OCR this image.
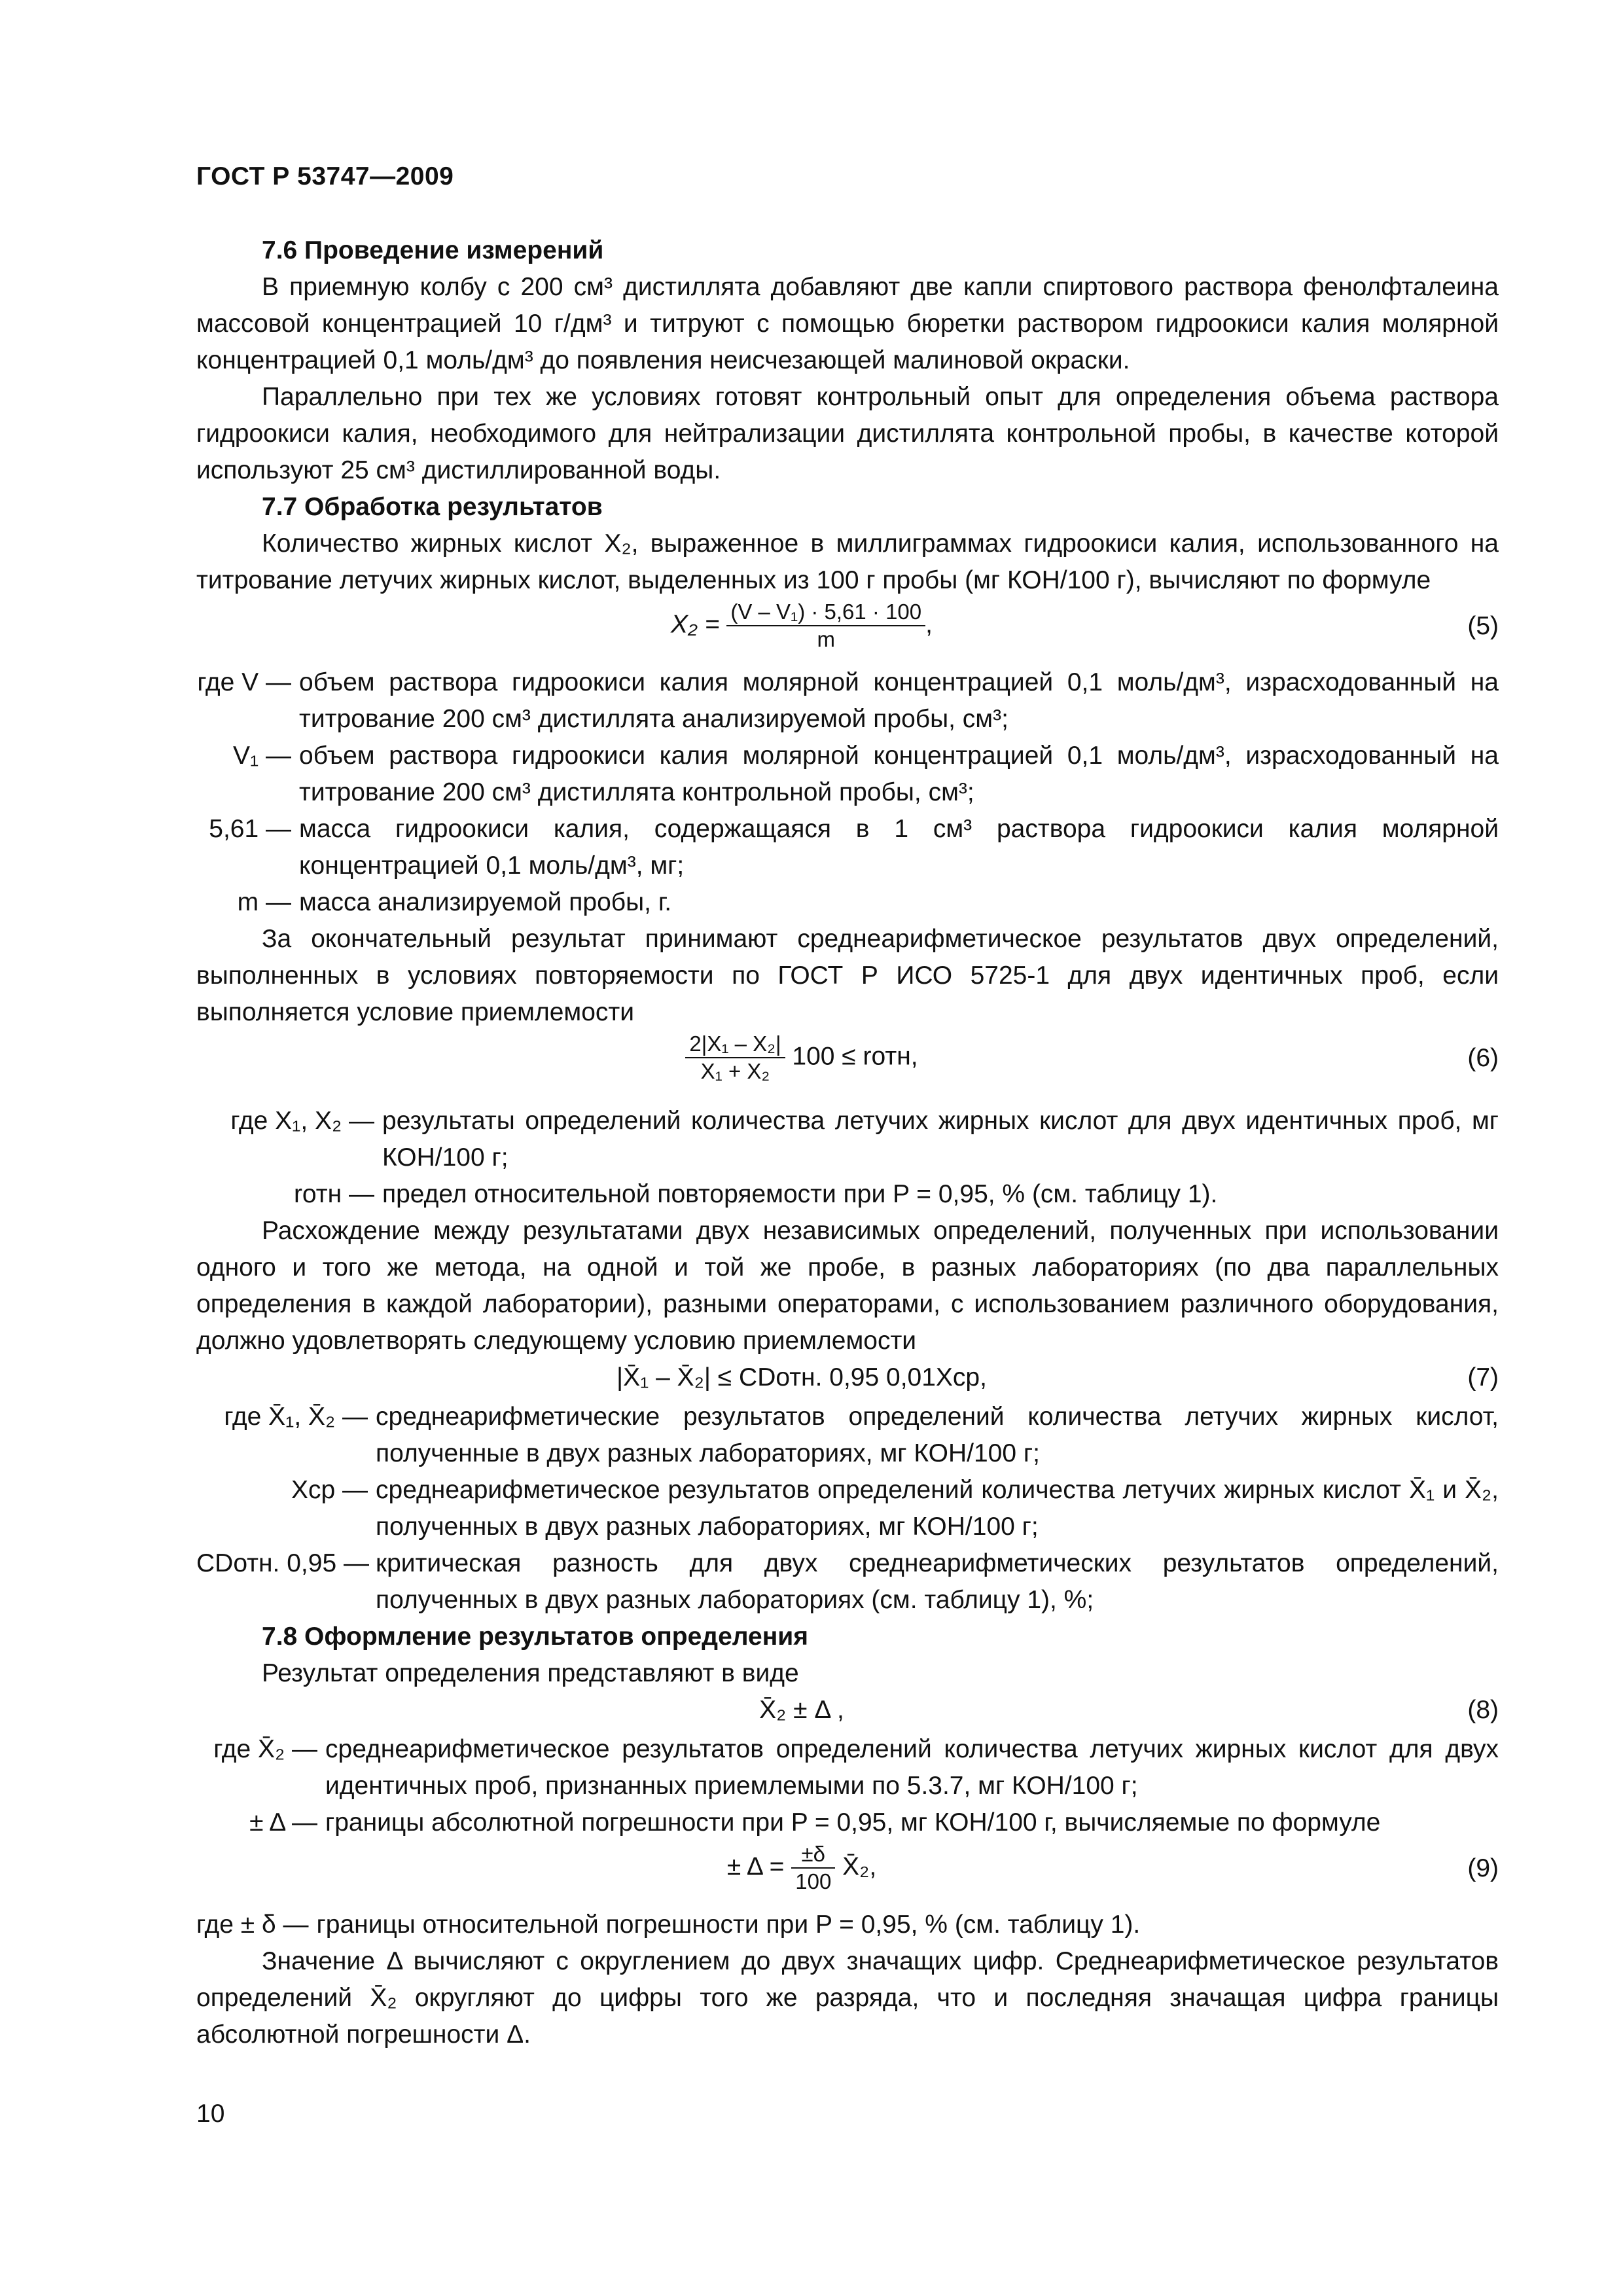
ГОСТ Р 53747—2009

7.6 Проведение измерений

В приемную колбу с 200 см³ дистиллята добавляют две капли спиртового раствора фенолфталеина массовой концентрацией 10 г/дм³ и титруют с помощью бюретки раствором гидроокиси калия молярной концентрацией 0,1 моль/дм³ до появления неисчезающей малиновой окраски.

Параллельно при тех же условиях готовят контрольный опыт для определения объема раствора гидроокиси калия, необходимого для нейтрализации дистиллята контрольной пробы, в качестве которой используют 25 см³ дистиллированной воды.

7.7 Обработка результатов

Количество жирных кислот X₂, выраженное в миллиграммах гидроокиси калия, использованного на титрование летучих жирных кислот, выделенных из 100 г пробы (мг КОН/100 г), вычисляют по формуле

$X_2 = \frac{\text{(V – V₁) · 5,61 · 100}}{m}$ ,	(5)
где V — объем раствора гидроокиси калия молярной концентрацией 0,1 моль/дм³, израсходованный на титрование 200 см³ дистиллята анализируемой пробы, см³;
V₁ — объем раствора гидроокиси калия молярной концентрацией 0,1 моль/дм³, израсходованный на титрование 200 см³ дистиллята контрольной пробы, см³;
5,61 — масса гидроокиси калия, содержащаяся в 1 см³ раствора гидроокиси калия молярной концентрацией 0,1 моль/дм³, мг;
m — масса анализируемой пробы, г.

За окончательный результат принимают среднеарифметическое результатов двух определений, выполненных в условиях повторяемости по ГОСТ Р ИСО 5725-1 для двух идентичных проб, если выполняется условие приемлемости

$\frac{\text{2|X₁ – X₂|}}{\text{X₁ + X₂}} 100$ ≤ rотн,	(6)
где X₁, X₂ — результаты определений количества летучих жирных кислот для двух идентичных проб, мг КОН/100 г;
rотн — предел относительной повторяемости при P = 0,95, % (см. таблицу 1).

Расхождение между результатами двух независимых определений, полученных при использовании одного и того же метода, на одной и той же пробе, в разных лабораториях (по два параллельных определения в каждой лаборатории), разными операторами, с использованием различного оборудования, должно удовлетворять следующему условию приемлемости

|X̄₁ – X̄₂| ≤ CDотн. 0,95 0,01Xср,	(7)
где X̄₁, X̄₂ — среднеарифметические результатов определений количества летучих жирных кислот, полученные в двух разных лабораториях, мг КОН/100 г;
Xср — среднеарифметическое результатов определений количества летучих жирных кислот X̄₁ и X̄₂, полученных в двух разных лабораториях, мг КОН/100 г;
CDотн. 0,95 — критическая разность для двух среднеарифметических результатов определений, полученных в двух разных лабораториях (см. таблицу 1), %;

7.8 Оформление результатов определения

Результат определения представляют в виде

X̄₂ ± Δ ,	(8)
где X̄₂ — среднеарифметическое результатов определений количества летучих жирных кислот для двух идентичных проб, признанных приемлемыми по 5.3.7, мг КОН/100 г;
± Δ — границы абсолютной погрешности при P = 0,95, мг КОН/100 г, вычисляемые по формуле
± $\Delta = \frac{\pm\delta}{100}$ X̄₂,	(9)
где ± δ — границы относительной погрешности при P = 0,95, % (см. таблицу 1).

Значение Δ вычисляют с округлением до двух значащих цифр. Среднеарифметическое результатов определений X̄₂ округляют до цифры того же разряда, что и последняя значащая цифра границы абсолютной погрешности Δ.

10
